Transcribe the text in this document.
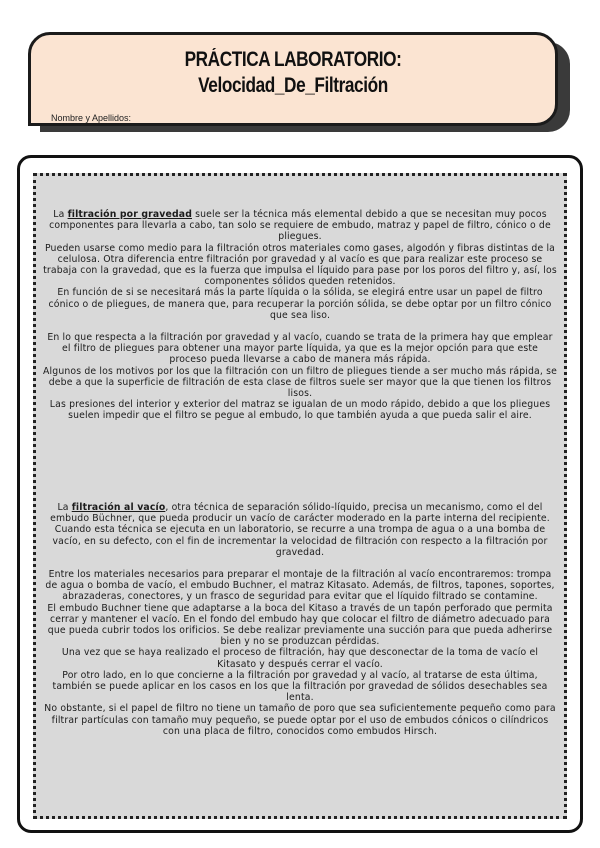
PRÁCTICA LABORATORIO:
Velocidad_De_Filtración
Nombre y Apellidos:

La filtración por gravedad suele ser la técnica más elemental debido a que se necesitan muy pocos componentes para llevarla a cabo, tan solo se requiere de embudo, matraz y papel de filtro, cónico o de pliegues.

Pueden usarse como medio para la filtración otros materiales como gases, algodón y fibras distintas de la celulosa. Otra diferencia entre filtración por gravedad y al vacío es que para realizar este proceso se trabaja con la gravedad, que es la fuerza que impulsa el líquido para pase por los poros del filtro y, así, los componentes sólidos queden retenidos.

En función de si se necesitará más la parte líquida o la sólida, se elegirá entre usar un papel de filtro cónico o de pliegues, de manera que, para recuperar la porción sólida, se debe optar por un filtro cónico que sea liso.

En lo que respecta a la filtración por gravedad y al vacío, cuando se trata de la primera hay que emplear el filtro de pliegues para obtener una mayor parte líquida, ya que es la mejor opción para que este proceso pueda llevarse a cabo de manera más rápida.

Algunos de los motivos por los que la filtración con un filtro de pliegues tiende a ser mucho más rápida, se debe a que la superficie de filtración de esta clase de filtros suele ser mayor que la que tienen los filtros lisos.

Las presiones del interior y exterior del matraz se igualan de un modo rápido, debido a que los pliegues suelen impedir que el filtro se pegue al embudo, lo que también ayuda a que pueda salir el aire.

La filtración al vacío, otra técnica de separación sólido-líquido, precisa un mecanismo, como el del embudo Büchner, que pueda producir un vacío de carácter moderado en la parte interna del recipiente.

Cuando esta técnica se ejecuta en un laboratorio, se recurre a una trompa de agua o a una bomba de vacío, en su defecto, con el fin de incrementar la velocidad de filtración con respecto a la filtración por gravedad.

Entre los materiales necesarios para preparar el montaje de la filtración al vacío encontraremos: trompa de agua o bomba de vacío, el embudo Buchner, el matraz Kitasato. Además, de filtros, tapones, soportes, abrazaderas, conectores, y un frasco de seguridad para evitar que el líquido filtrado se contamine.

El embudo Buchner tiene que adaptarse a la boca del Kitaso a través de un tapón perforado que permita cerrar y mantener el vacío. En el fondo del embudo hay que colocar el filtro de diámetro adecuado para que pueda cubrir todos los orificios. Se debe realizar previamente una succión para que pueda adherirse bien y no se produzcan pérdidas.

Una vez que se haya realizado el proceso de filtración, hay que desconectar de la toma de vacío el Kitasato y después cerrar el vacío.

Por otro lado, en lo que concierne a la filtración por gravedad y al vacío, al tratarse de esta última, también se puede aplicar en los casos en los que la filtración por gravedad de sólidos desechables sea lenta.

No obstante, si el papel de filtro no tiene un tamaño de poro que sea suficientemente pequeño como para filtrar partículas con tamaño muy pequeño, se puede optar por el uso de embudos cónicos o cilíndricos con una placa de filtro, conocidos como embudos Hirsch.
